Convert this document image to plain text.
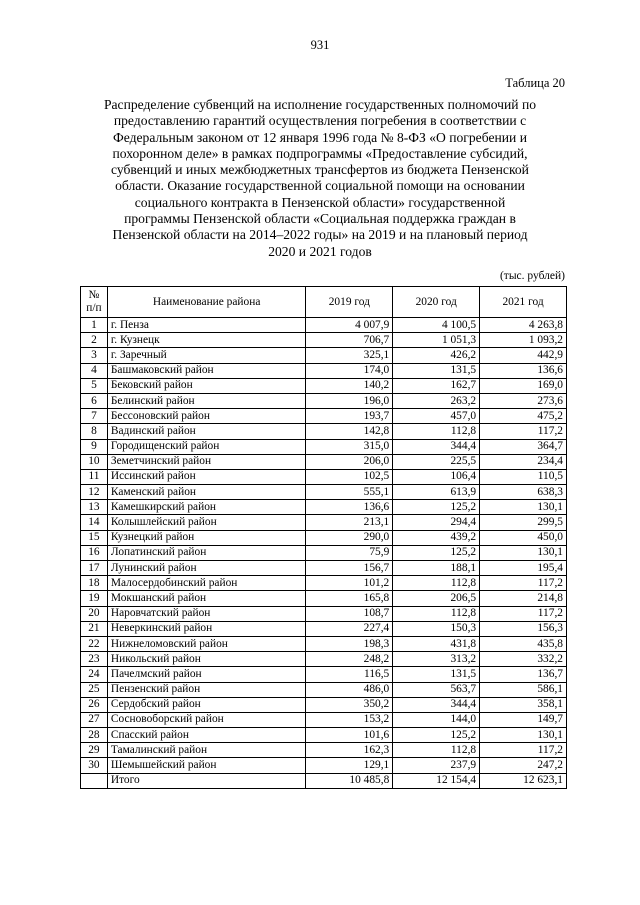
931
Таблица 20
Распределение субвенций на исполнение государственных полномочий по
предоставлению гарантий осуществления погребения в соответствии с
Федеральным законом от 12 января 1996 года № 8-ФЗ «О погребении и
похоронном деле» в рамках подпрограммы «Предоставление субсидий,
субвенций и иных межбюджетных трансфертов из бюджета Пензенской
области. Оказание государственной социальной помощи на основании
социального контракта в Пензенской области» государственной
программы Пензенской области «Социальная поддержка граждан в
Пензенской области на 2014–2022 годы» на 2019 и на плановый период
2020 и 2021 годов
(тыс. рублей)
№
п/п	Наименование района	2019 год	2020 год	2021 год
1	г. Пенза	4 007,9	4 100,5	4 263,8
2	г. Кузнецк	706,7	1 051,3	1 093,2
3	г. Заречный	325,1	426,2	442,9
4	Башмаковский район	174,0	131,5	136,6
5	Бековский район	140,2	162,7	169,0
6	Белинский район	196,0	263,2	273,6
7	Бессоновский район	193,7	457,0	475,2
8	Вадинский район	142,8	112,8	117,2
9	Городищенский район	315,0	344,4	364,7
10	Земетчинский район	206,0	225,5	234,4
11	Иссинский район	102,5	106,4	110,5
12	Каменский район	555,1	613,9	638,3
13	Камешкирский район	136,6	125,2	130,1
14	Колышлейский район	213,1	294,4	299,5
15	Кузнецкий район	290,0	439,2	450,0
16	Лопатинский район	75,9	125,2	130,1
17	Лунинский район	156,7	188,1	195,4
18	Малосердобинский район	101,2	112,8	117,2
19	Мокшанский район	165,8	206,5	214,8
20	Наровчатский район	108,7	112,8	117,2
21	Неверкинский район	227,4	150,3	156,3
22	Нижнеломовский район	198,3	431,8	435,8
23	Никольский район	248,2	313,2	332,2
24	Пачелмский район	116,5	131,5	136,7
25	Пензенский район	486,0	563,7	586,1
26	Сердобский район	350,2	344,4	358,1
27	Сосновоборский район	153,2	144,0	149,7
28	Спасский район	101,6	125,2	130,1
29	Тамалинский район	162,3	112,8	117,2
30	Шемышейский район	129,1	237,9	247,2
	Итого	10 485,8	12 154,4	12 623,1
